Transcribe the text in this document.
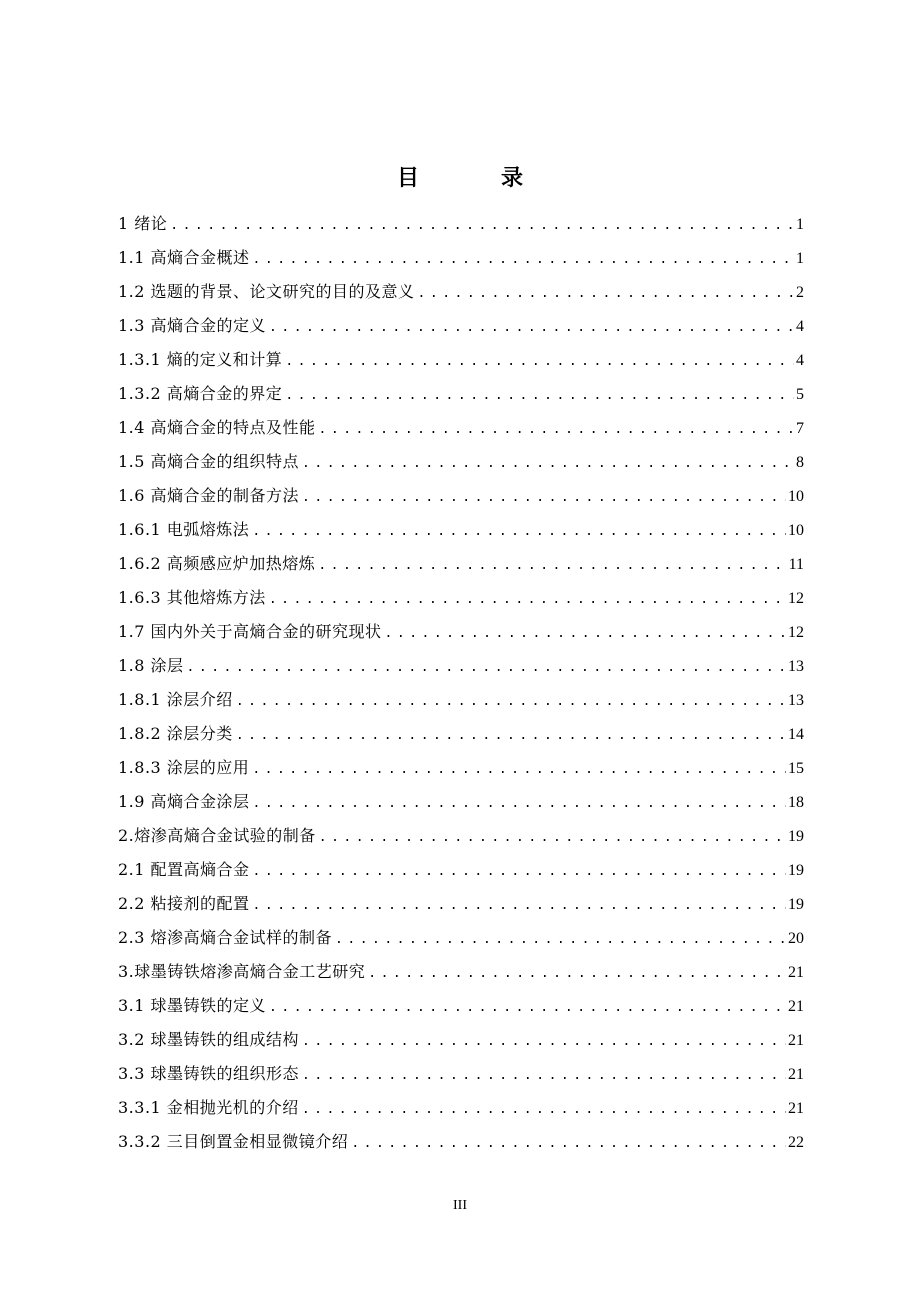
目　录
1 绪论 .....	1
1.1 高熵合金概述 .....	1
1.2 选题的背景、论文研究的目的及意义 .....	2
1.3 高熵合金的定义 .....	4
1.3.1 熵的定义和计算 .....	4
1.3.2 高熵合金的界定 .....	5
1.4 高熵合金的特点及性能 .....	7
1.5 高熵合金的组织特点 .....	8
1.6 高熵合金的制备方法 .....	10
1.6.1 电弧熔炼法 .....	10
1.6.2 高频感应炉加热熔炼 .....	11
1.6.3 其他熔炼方法 .....	12
1.7 国内外关于高熵合金的研究现状 .....	12
1.8 涂层 .....	13
1.8.1 涂层介绍 .....	13
1.8.2 涂层分类 .....	14
1.8.3 涂层的应用 .....	15
1.9 高熵合金涂层 .....	18
2.熔渗高熵合金试验的制备 .....	19
2.1 配置高熵合金 .....	19
2.2 粘接剂的配置 .....	19
2.3 熔渗高熵合金试样的制备 .....	20
3.球墨铸铁熔渗高熵合金工艺研究 .....	21
3.1 球墨铸铁的定义 .....	21
3.2 球墨铸铁的组成结构 .....	21
3.3 球墨铸铁的组织形态 .....	21
3.3.1 金相抛光机的介绍 .....	21
3.3.2 三目倒置金相显微镜介绍 .....	22
III
